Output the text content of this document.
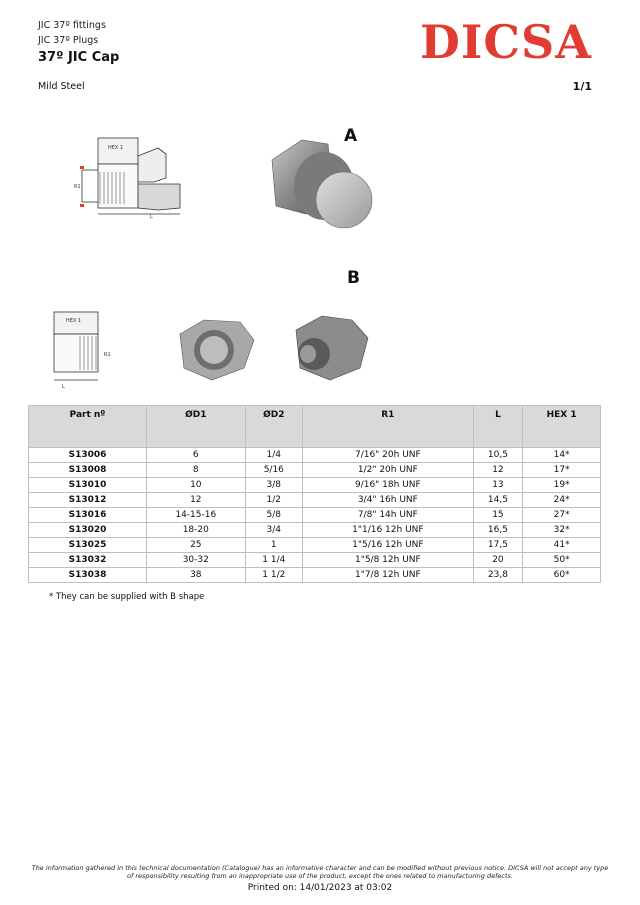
JIC 37º fittings
JIC 37º Plugs
37º JIC Cap
Mild Steel	1/1
DICSA
HEX 1
R1
L
A
B
HEX 1
R1
L
Part nº	ØD1	ØD2	R1	L	HEX 1
S13006	6	1/4	7/16" 20h UNF	10,5	14*
S13008	8	5/16	1/2" 20h UNF	12	17*
S13010	10	3/8	9/16" 18h UNF	13	19*
S13012	12	1/2	3/4" 16h UNF	14,5	24*
S13016	14-15-16	5/8	7/8" 14h UNF	15	27*
S13020	18-20	3/4	1"1/16 12h UNF	16,5	32*
S13025	25	1	1"5/16 12h UNF	17,5	41*
S13032	30-32	1 1/4	1"5/8 12h UNF	20	50*
S13038	38	1 1/2	1"7/8 12h UNF	23,8	60*
* They can be supplied with B shape
The information gathered in this technical documentation (Catalogue) has an informative character and can be modified without previous notice. DICSA will not accept any type of responsibility resulting from an inappropriate use of the product, except the ones related to manufacturing defects.
Printed on: 14/01/2023 at 03:02
